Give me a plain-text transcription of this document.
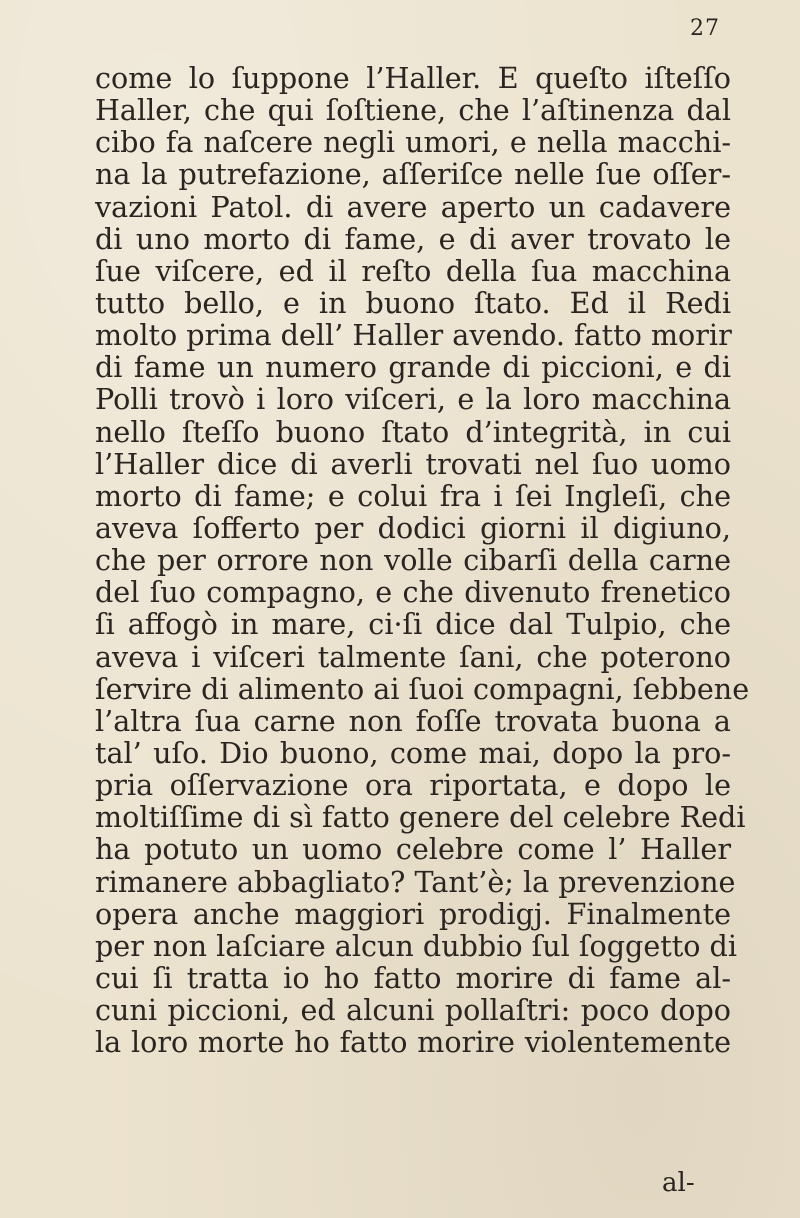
27
come lo ſuppone l’Haller. E queſto iſteſſo
Haller, che qui ſoſtiene, che l’aſtinenza dal
cibo fa naſcere negli umori, e nella macchi-
na la putrefazione, aſſeriſce nelle ſue oſſer-
vazioni Patol. di avere aperto un cadavere
di uno morto di fame, e di aver trovato le
ſue viſcere, ed il reſto della ſua macchina
tutto bello, e in buono ſtato. Ed il Redi
molto prima dell’ Haller avendo. fatto morir
di fame un numero grande di piccioni, e di
Polli trovò i loro viſceri, e la loro macchina
nello ſteſſo buono ſtato d’integrità, in cui
l’Haller dice di averli trovati nel ſuo uomo
morto di fame; e colui fra i ſei Ingleſi, che
aveva ſofferto per dodici giorni il digiuno,
che per orrore non volle cibarſi della carne
del ſuo compagno, e che divenuto frenetico
ſi affogò in mare, ci·ſi dice dal Tulpio, che
aveva i viſceri talmente ſani, che poterono
ſervire di alimento ai ſuoi compagni, ſebbene
l’altra ſua carne non foſſe trovata buona a
tal’ uſo. Dio buono, come mai, dopo la pro-
pria oſſervazione ora riportata, e dopo le
moltiſſime di sì fatto genere del celebre Redi
ha potuto un uomo celebre come l’ Haller
rimanere abbagliato? Tant’è; la prevenzione
opera anche maggiori prodigj. Finalmente
per non laſciare alcun dubbio ſul ſoggetto di
cui ſi tratta io ho fatto morire di fame al-
cuni piccioni, ed alcuni pollaſtri: poco dopo
la loro morte ho fatto morire violentemente
al-
